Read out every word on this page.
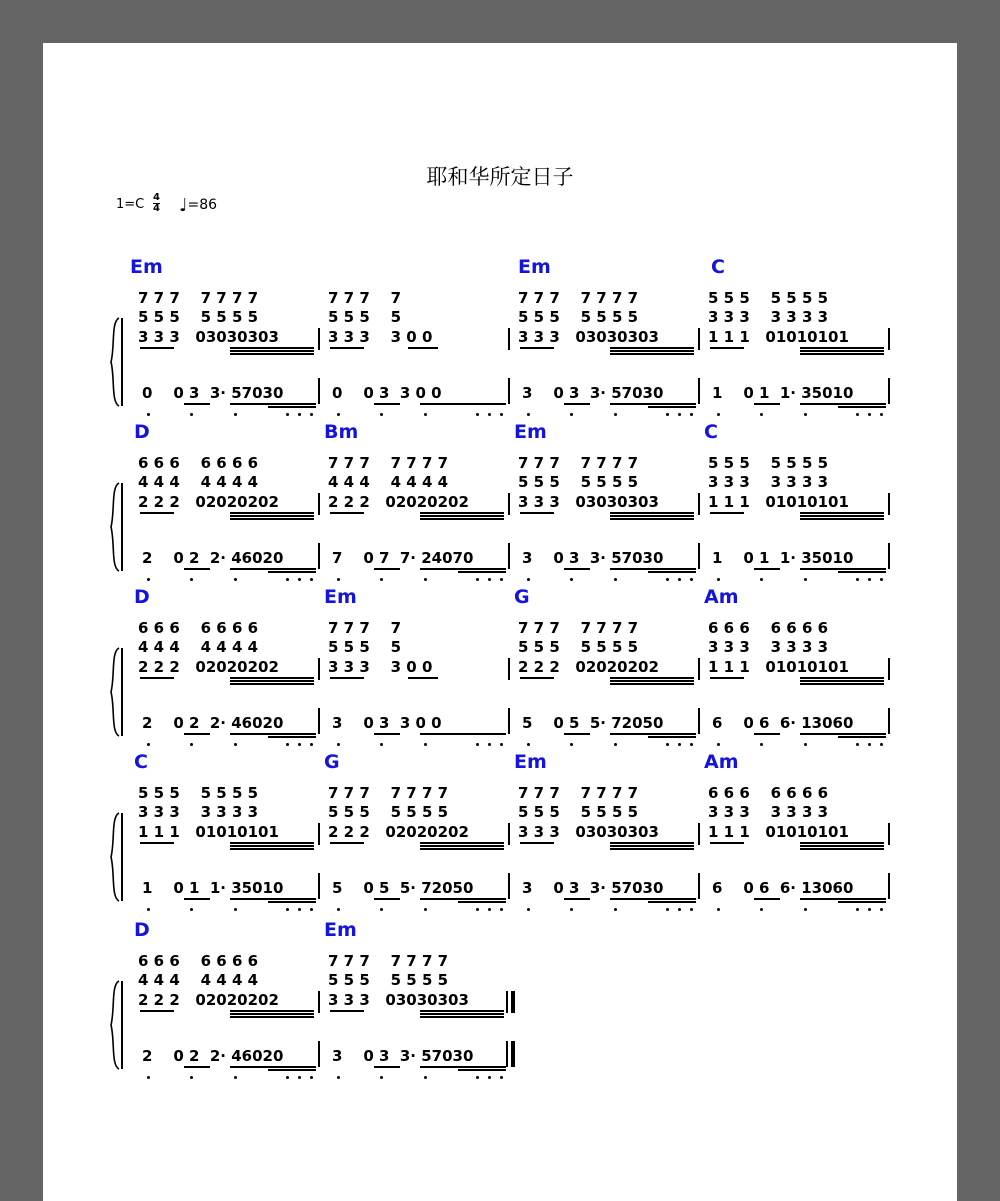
耶和华所定日子
1=C 4
4 ♩=86
Em	Em	C
7 7 7    7 7 7 7
5 5 5    5 5 5 5
3 3 3   03030303
0    0 3  3· 57030
7 7 7    7
5 5 5    5
3 3 3    3 0 0
0    0 3  3 0 0
7 7 7    7 7 7 7
5 5 5    5 5 5 5
3 3 3   03030303
3    0 3  3· 57030
5 5 5    5 5 5 5
3 3 3    3 3 3 3
1 1 1   01010101
1    0 1  1· 35010
D	Bm	Em	C
6 6 6    6 6 6 6
4 4 4    4 4 4 4
2 2 2   02020202
2    0 2  2· 46020
7 7 7    7 7 7 7
4 4 4    4 4 4 4
2 2 2   02020202
7    0 7  7· 24070
7 7 7    7 7 7 7
5 5 5    5 5 5 5
3 3 3   03030303
3    0 3  3· 57030
5 5 5    5 5 5 5
3 3 3    3 3 3 3
1 1 1   01010101
1    0 1  1· 35010
D	Em	G	Am
6 6 6    6 6 6 6
4 4 4    4 4 4 4
2 2 2   02020202
2    0 2  2· 46020
7 7 7    7
5 5 5    5
3 3 3    3 0 0
3    0 3  3 0 0
7 7 7    7 7 7 7
5 5 5    5 5 5 5
2 2 2   02020202
5    0 5  5· 72050
6 6 6    6 6 6 6
3 3 3    3 3 3 3
1 1 1   01010101
6    0 6  6· 13060
C	G	Em	Am
5 5 5    5 5 5 5
3 3 3    3 3 3 3
1 1 1   01010101
1    0 1  1· 35010
7 7 7    7 7 7 7
5 5 5    5 5 5 5
2 2 2   02020202
5    0 5  5· 72050
7 7 7    7 7 7 7
5 5 5    5 5 5 5
3 3 3   03030303
3    0 3  3· 57030
6 6 6    6 6 6 6
3 3 3    3 3 3 3
1 1 1   01010101
6    0 6  6· 13060
D	Em
6 6 6    6 6 6 6
4 4 4    4 4 4 4
2 2 2   02020202
2    0 2  2· 46020
7 7 7    7 7 7 7
5 5 5    5 5 5 5
3 3 3   03030303
3    0 3  3· 57030
